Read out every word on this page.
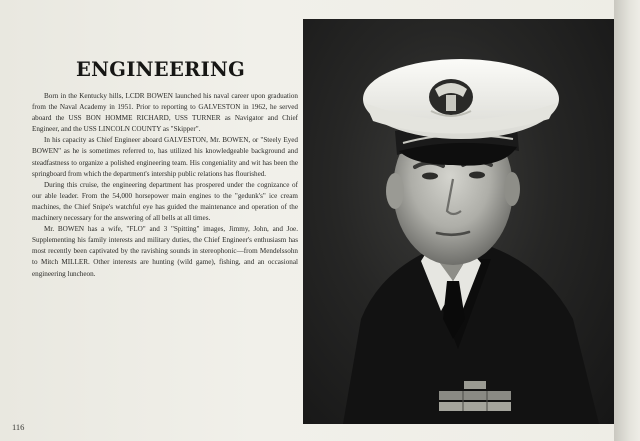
ENGINEERING

Born in the Kentucky hills, LCDR BOWEN launched his naval career upon graduation from the Naval Academy in 1951. Prior to reporting to GALVESTON in 1962, he served aboard the USS BON HOMME RICHARD, USS TURNER as Navigator and Chief Engineer, and the USS LINCOLN COUNTY as "Skipper".

In his capacity as Chief Engineer aboard GALVESTON, Mr. BOWEN, or "Steely Eyed BOWEN" as he is sometimes referred to, has utilized his knowledgeable background and steadfastness to organize a polished engineering team. His congeniality and wit has been the springboard from which the department's intership public relations has flourished.

During this cruise, the engineering department has prospered under the cognizance of our able leader. From the 54,000 horsepower main engines to the "gedunk's" ice cream machines, the Chief Snipe's watchful eye has guided the maintenance and operation of the machinery necessary for the answering of all bells at all times.

Mr. BOWEN has a wife, "FLO" and 3 "Spitting" images, Jimmy, John, and Joe. Supplementing his family interests and military duties, the Chief Engineer's enthusiasm has most recently been captivated by the ravishing sounds in stereophonic—from Mendelssohn to Mitch MILLER. Other interests are hunting (wild game), fishing, and an occasional engineering luncheon.

116
